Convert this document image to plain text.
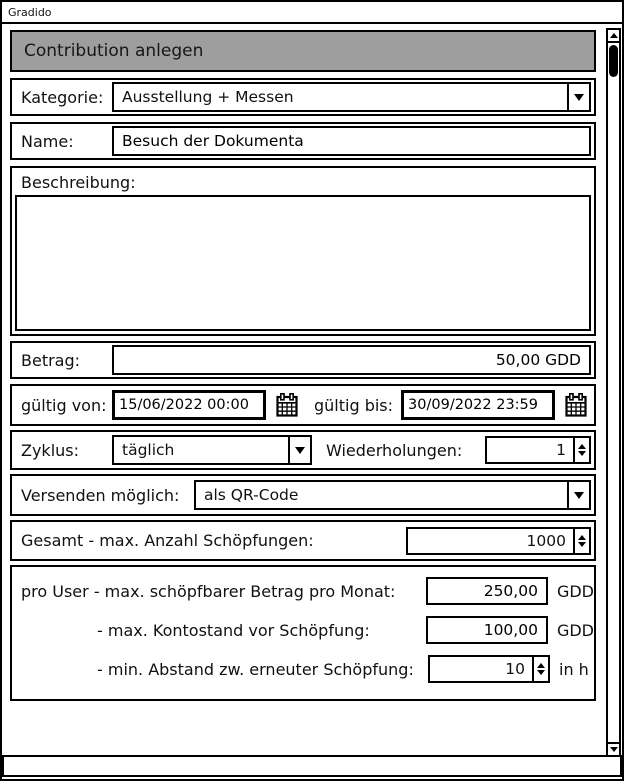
Gradido
Contribution anlegen
Kategorie:	Ausstellung + Messen
Name:
Besuch der Dokumenta
Beschreibung:
Betrag:
50,00 GDD
gültig von:
15/06/2022 00:00	gültig bis:
30/09/2022 23:59
Zyklus:	täglich	Wiederholungen:	1
Versenden möglich:	als QR-Code
Gesamt - max. Anzahl Schöpfungen:	1000
pro User - max. schöpfbarer Betrag pro Monat:
250,00	GDD
- max. Kontostand vor Schöpfung:
100,00	GDD
- min. Abstand zw. erneuter Schöpfung:	10	in h
